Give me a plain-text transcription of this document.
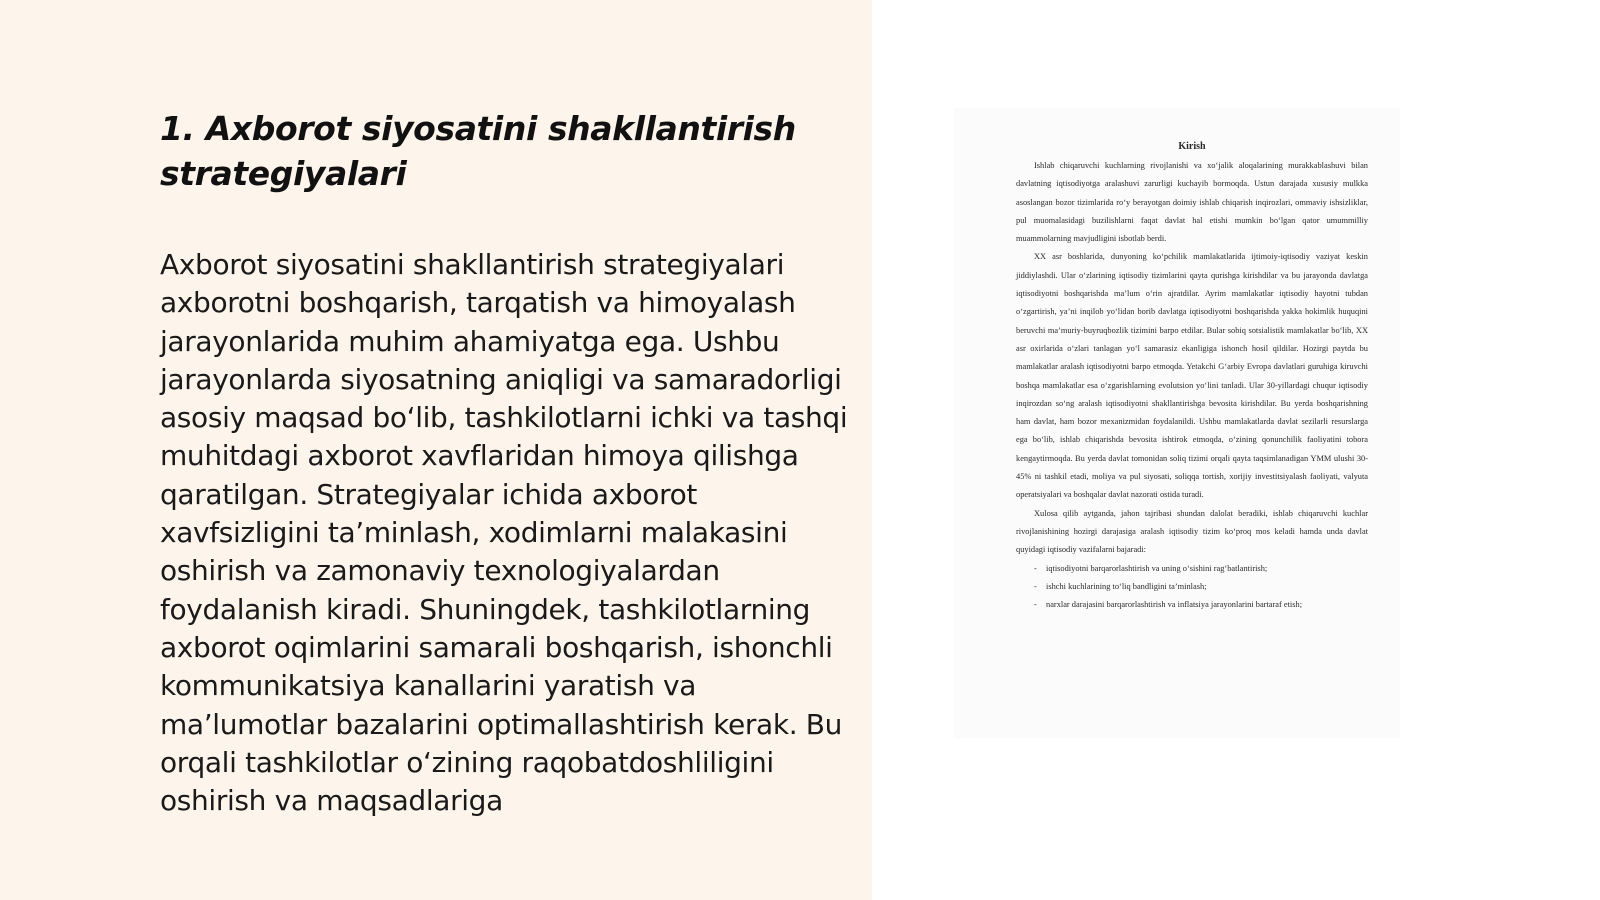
1. Axborot siyosatini shakllantirish strategiyalari

Axborot siyosatini shakllantirish strategiyalari axborotni boshqarish, tarqatish va himoyalash jarayonlarida muhim ahamiyatga ega. Ushbu jarayonlarda siyosatning aniqligi va samaradorligi asosiy maqsad bo‘lib, tashkilotlarni ichki va tashqi muhitdagi axborot xavflaridan himoya qilishga qaratilgan. Strategiyalar ichida axborot xavfsizligini ta’minlash, xodimlarni malakasini oshirish va zamonaviy texnologiyalardan foydalanish kiradi. Shuningdek, tashkilotlarning axborot oqimlarini samarali boshqarish, ishonchli kommunikatsiya kanallarini yaratish va ma’lumotlar bazalarini optimallashtirish kerak. Bu orqali tashkilotlar o‘zining raqobatdoshliligini oshirish va maqsadlariga

Kirish

Ishlab chiqaruvchi kuchlarning rivojlanishi va xo‘jalik aloqalarining murakkablashuvi bilan davlatning iqtisodiyotga aralashuvi zarurligi kuchayib bormoqda. Ustun darajada xususiy mulkka asoslangan bozor tizimlarida ro‘y berayotgan doimiy ishlab chiqarish inqirozlari, ommaviy ishsizliklar, pul muomalasidagi buzilishlarni faqat davlat hal etishi mumkin bo‘lgan qator umummilliy muammolarning mavjudligini isbotlab berdi.

XX asr boshlarida, dunyoning ko‘pchilik mamlakatlarida ijtimoiy-iqtisodiy vaziyat keskin jiddiylashdi. Ular o‘zlarining iqtisodiy tizimlarini qayta qurishga kirishdilar va bu jarayonda davlatga iqtisodiyotni boshqarishda ma’lum o‘rin ajratdilar. Ayrim mamlakatlar iqtisodiy hayotni tubdan o‘zgartirish, ya’ni inqilob yo‘lidan borib davlatga iqtisodiyotni boshqarishda yakka hokimlik huquqini beruvchi ma’muriy-buyruqbozlik tizimini barpo etdilar. Bular sobiq sotsialistik mamlakatlar bo‘lib, XX asr oxirlarida o‘zlari tanlagan yo‘l samarasiz ekanligiga ishonch hosil qildilar. Hozirgi paytda bu mamlakatlar aralash iqtisodiyotni barpo etmoqda. Yetakchi G‘arbiy Evropa davlatlari guruhiga kiruvchi boshqa mamlakatlar esa o‘zgarishlarning evolutsion yo‘lini tanladi. Ular 30-yillardagi chuqur iqtisodiy inqirozdan so‘ng aralash iqtisodiyotni shakllantirishga bevosita kirishdilar. Bu yerda boshqarishning ham davlat, ham bozor mexanizmidan foydalanildi. Ushbu mamlakatlarda davlat sezilarli resurslarga ega bo‘lib, ishlab chiqarishda bevosita ishtirok etmoqda, o‘zining qonunchilik faoliyatini tobora kengaytirmoqda. Bu yerda davlat tomonidan soliq tizimi orqali qayta taqsimlanadigan YMM ulushi 30-45% ni tashkil etadi, moliya va pul siyosati, soliqqa tortish, xorijiy investitsiyalash faoliyati, valyuta operatsiyalari va boshqalar davlat nazorati ostida turadi.

Xulosa qilib aytganda, jahon tajribasi shundan dalolat beradiki, ishlab chiqaruvchi kuchlar rivojlanishining hozirgi darajasiga aralash iqtisodiy tizim ko‘proq mos keladi hamda unda davlat quyidagi iqtisodiy vazifalarni bajaradi:

- iqtisodiyotni barqarorlashtirish va uning o‘sishini rag‘batlantirish;
- ishchi kuchlarining to‘liq bandligini ta’minlash;
- narxlar darajasini barqarorlashtirish va inflatsiya jarayonlarini bartaraf etish;
